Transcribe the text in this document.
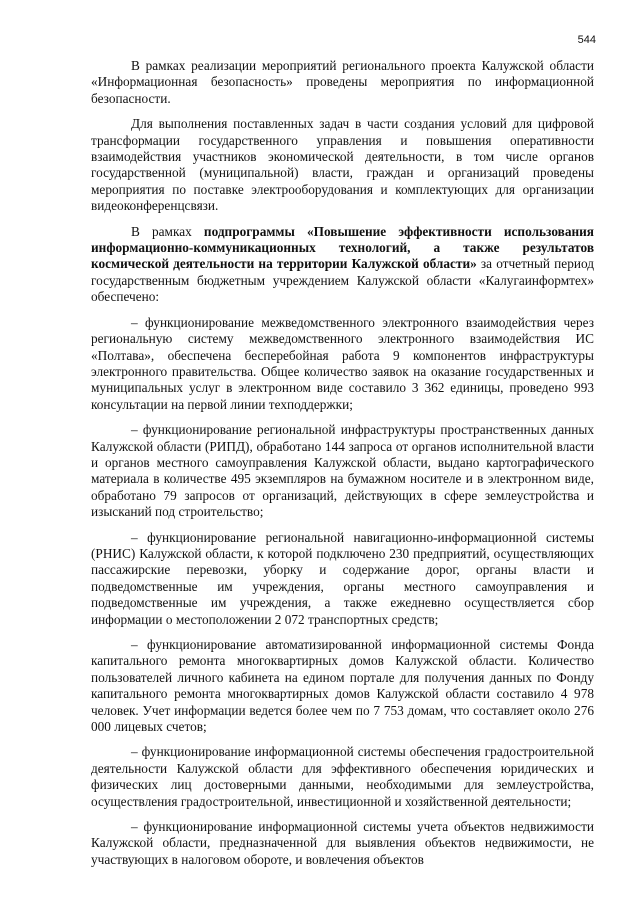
544

В рамках реализации мероприятий регионального проекта Калужской области «Информационная безопасность» проведены мероприятия по информационной безопасности.

Для выполнения поставленных задач в части создания условий для цифровой трансформации государственного управления и повышения оперативности взаимодействия участников экономической деятельности, в том числе органов государственной (муниципальной) власти, граждан и организаций проведены мероприятия по поставке электрооборудования и комплектующих для организации видеоконференцсвязи.

В рамках подпрограммы «Повышение эффективности использования информационно-коммуникационных технологий, а также результатов космической деятельности на территории Калужской области» за отчетный период государственным бюджетным учреждением Калужской области «Калугаинформтех» обеспечено:

– функционирование межведомственного электронного взаимодействия через региональную систему межведомственного электронного взаимодействия ИС «Полтава», обеспечена бесперебойная работа 9 компонентов инфраструктуры электронного правительства. Общее количество заявок на оказание государственных и муниципальных услуг в электронном виде составило 3 362 единицы, проведено 993 консультации на первой линии техподдержки;

– функционирование региональной инфраструктуры пространственных данных Калужской области (РИПД), обработано 144 запроса от органов исполнительной власти и органов местного самоуправления Калужской области, выдано картографического материала в количестве 495 экземпляров на бумажном носителе и в электронном виде, обработано 79 запросов от организаций, действующих в сфере землеустройства и изысканий под строительство;

– функционирование региональной навигационно-информационной системы (РНИС) Калужской области, к которой подключено 230 предприятий, осуществляющих пассажирские перевозки, уборку и содержание дорог, органы власти и подведомственные им учреждения, органы местного самоуправления и подведомственные им учреждения, а также ежедневно осуществляется сбор информации о местоположении 2 072 транспортных средств;

– функционирование автоматизированной информационной системы Фонда капитального ремонта многоквартирных домов Калужской области. Количество пользователей личного кабинета на едином портале для получения данных по Фонду капитального ремонта многоквартирных домов Калужской области составило 4 978 человек. Учет информации ведется более чем по 7 753 домам, что составляет около 276 000 лицевых счетов;

– функционирование информационной системы обеспечения градостроительной деятельности Калужской области для эффективного обеспечения юридических и физических лиц достоверными данными, необходимыми для землеустройства, осуществления градостроительной, инвестиционной и хозяйственной деятельности;

– функционирование информационной системы учета объектов недвижимости Калужской области, предназначенной для выявления объектов недвижимости, не участвующих в налоговом обороте, и вовлечения объектов
